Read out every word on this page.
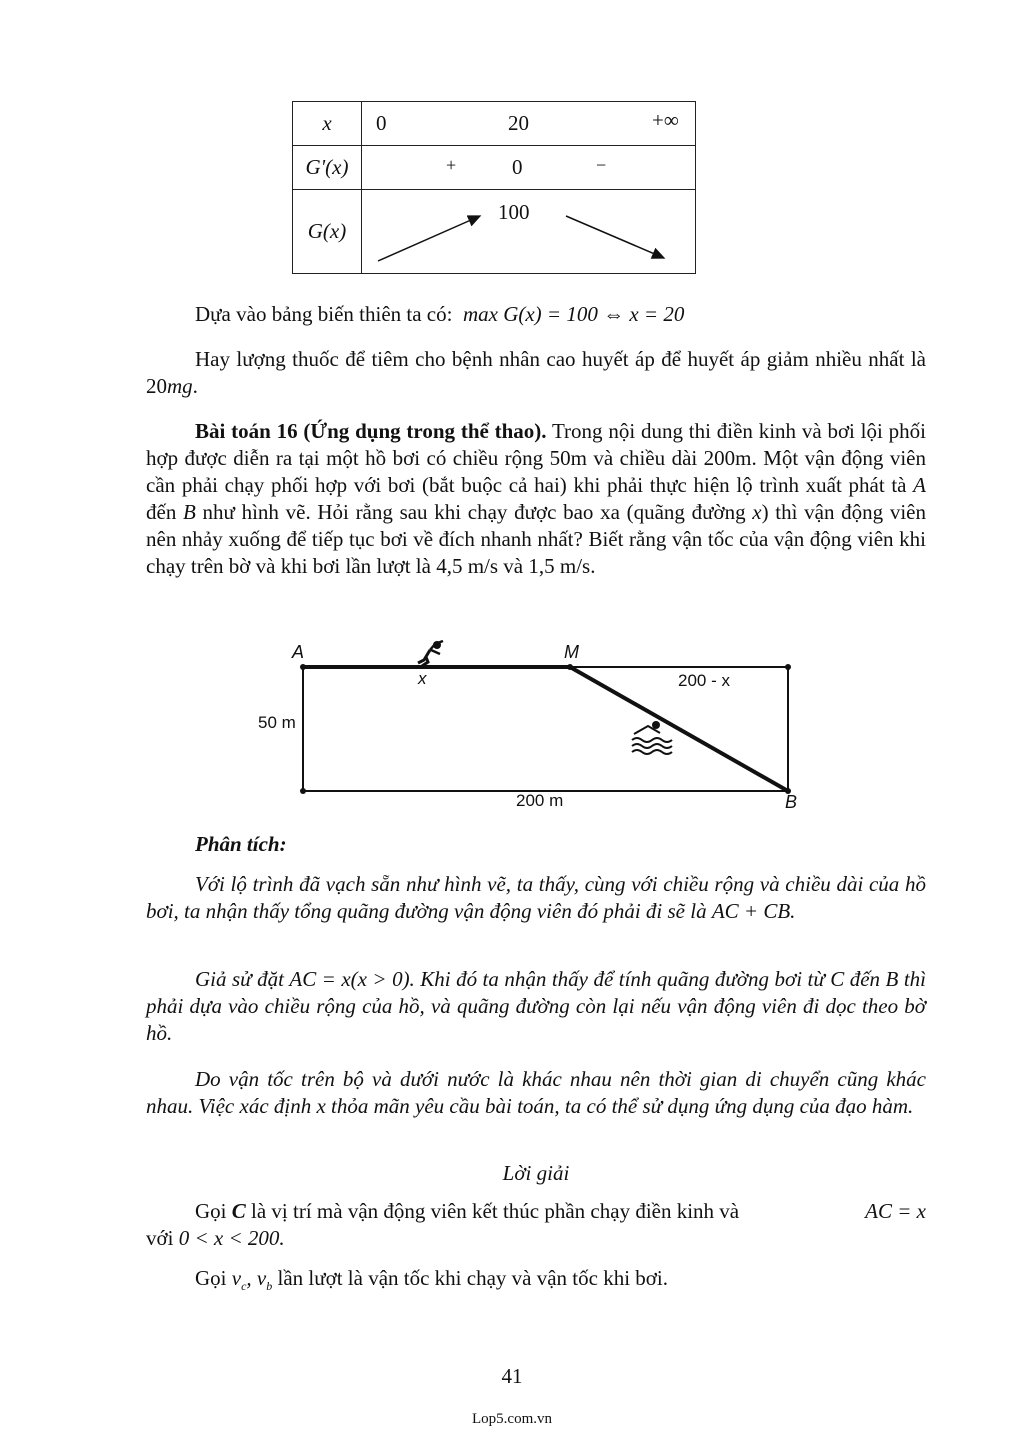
x	0 20 +∞

G'(x)	+ 0 −

G(x)	100
Dựa vào bảng biến thiên ta có: max G(x) = 100 ⇔ x = 20
Hay lượng thuốc để tiêm cho bệnh nhân cao huyết áp để huyết áp giảm nhiều nhất là 20mg.
Bài toán 16 (Ứng dụng trong thể thao). Trong nội dung thi điền kinh và bơi lội phối hợp được diễn ra tại một hồ bơi có chiều rộng 50m và chiều dài 200m. Một vận động viên cần phải chạy phối hợp với bơi (bắt buộc cả hai) khi phải thực hiện lộ trình xuất phát tà A đến B như hình vẽ. Hỏi rằng sau khi chạy được bao xa (quãng đường x) thì vận động viên nên nhảy xuống để tiếp tục bơi về đích nhanh nhất? Biết rằng vận tốc của vận động viên khi chạy trên bờ và khi bơi lần lượt là 4,5 m/s và 1,5 m/s.
A	M
B
x	200 - x
50 m
200 m
Phân tích:
Với lộ trình đã vạch sẵn như hình vẽ, ta thấy, cùng với chiều rộng và chiều dài của hồ bơi, ta nhận thấy tổng quãng đường vận động viên đó phải đi sẽ là AC + CB.
Giả sử đặt AC = x(x > 0). Khi đó ta nhận thấy để tính quãng đường bơi từ C đến B thì phải dựa vào chiều rộng của hồ, và quãng đường còn lại nếu vận động viên đi dọc theo bờ hồ.
Do vận tốc trên bộ và dưới nước là khác nhau nên thời gian di chuyển cũng khác nhau. Việc xác định x thỏa mãn yêu cầu bài toán, ta có thể sử dụng ứng dụng của đạo hàm.
Lời giải
Gọi C là vị trí mà vận động viên kết thúc phần chạy điền kinh và	AC = x
với 0 < x < 200.
Gọi $v_c$, $v_b$ lần lượt là vận tốc khi chạy và vận tốc khi bơi.
41
Lop5.com.vn
